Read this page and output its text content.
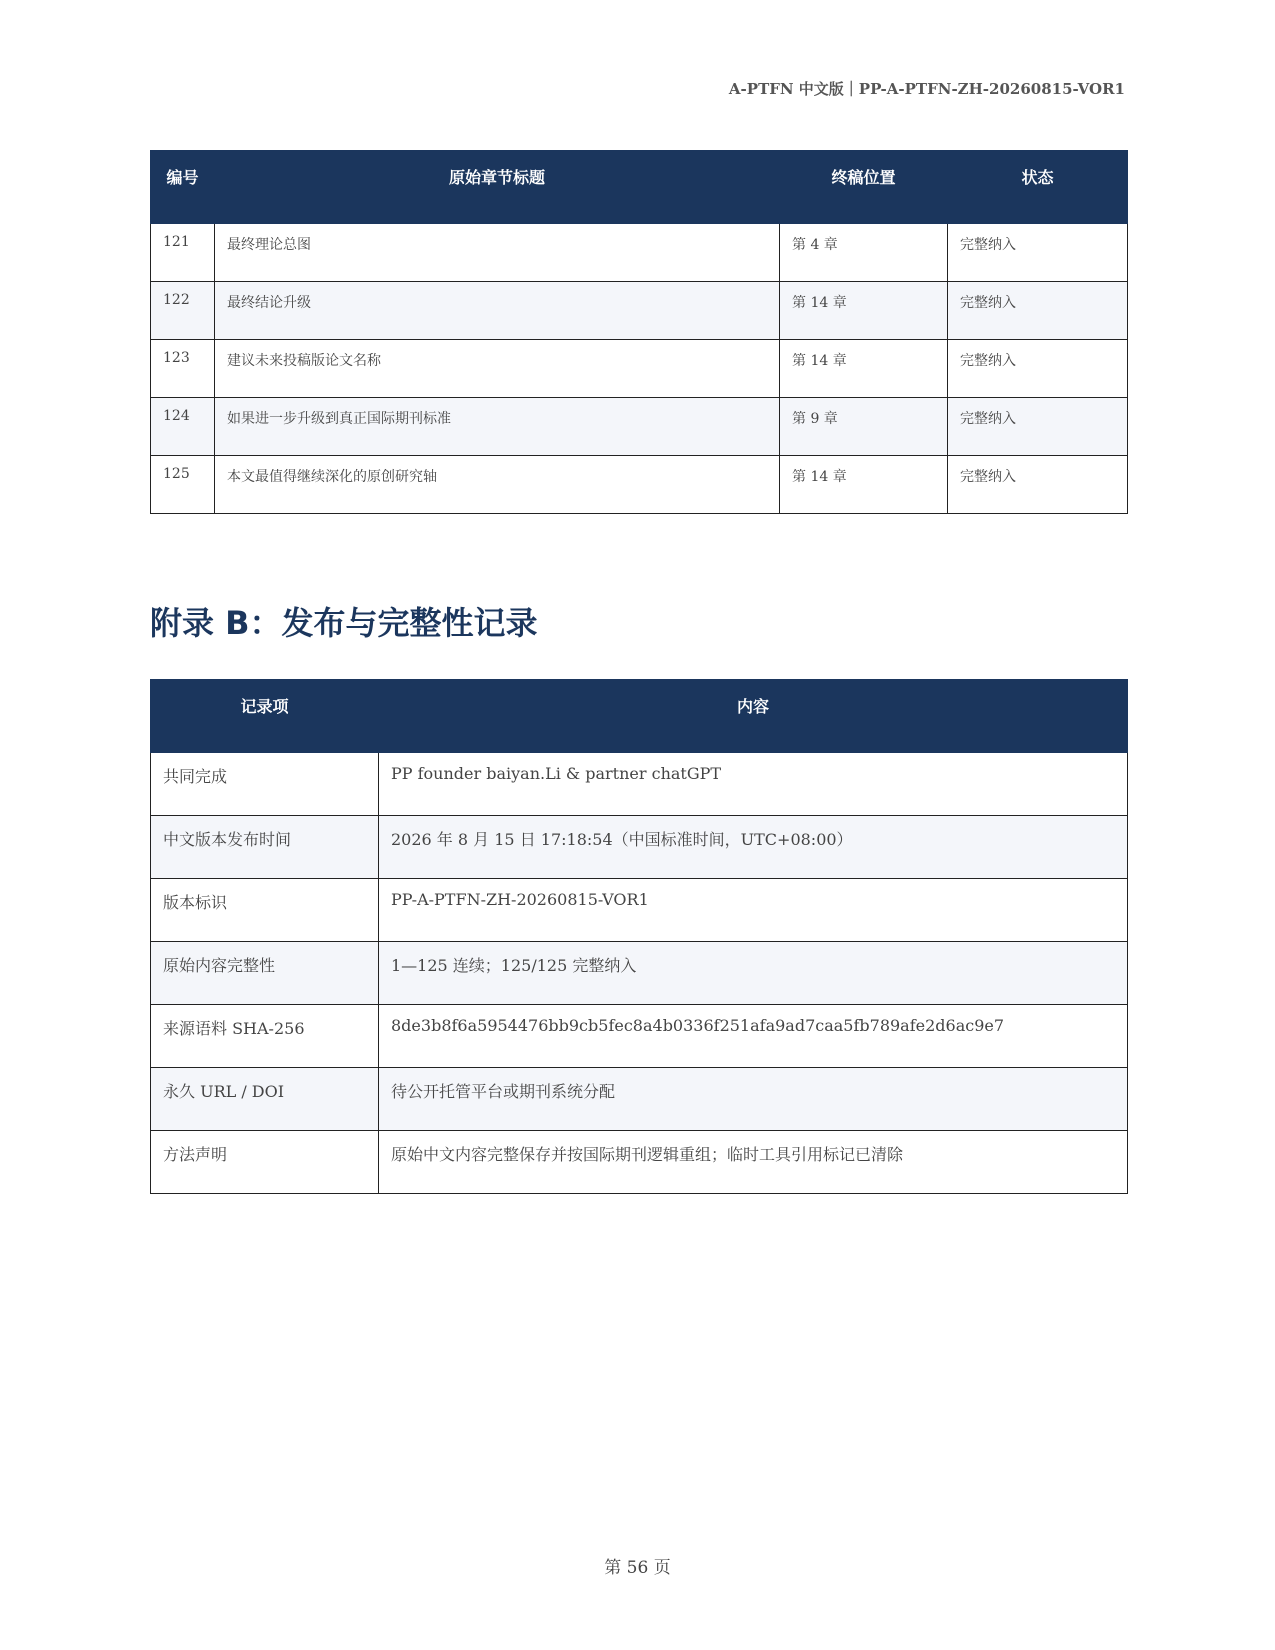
A-PTFN 中文版｜PP-A-PTFN-ZH-20260815-VOR1
编号	原始章节标题	终稿位置	状态
121	最终理论总图	第 4 章	完整纳入
122	最终结论升级	第 14 章	完整纳入
123	建议未来投稿版论文名称	第 14 章	完整纳入
124	如果进一步升级到真正国际期刊标准	第 9 章	完整纳入
125	本文最值得继续深化的原创研究轴	第 14 章	完整纳入
附录 B：发布与完整性记录
记录项	内容
共同完成	PP founder baiyan.Li & partner chatGPT
中文版本发布时间	2026 年 8 月 15 日 17:18:54（中国标准时间，UTC+08:00）
版本标识	PP-A-PTFN-ZH-20260815-VOR1
原始内容完整性	1—125 连续；125/125 完整纳入
来源语料 SHA-256	8de3b8f6a5954476bb9cb5fec8a4b0336f251afa9ad7caa5fb789afe2d6ac9e7
永久 URL / DOI	待公开托管平台或期刊系统分配
方法声明	原始中文内容完整保存并按国际期刊逻辑重组；临时工具引用标记已清除
第 56 页
